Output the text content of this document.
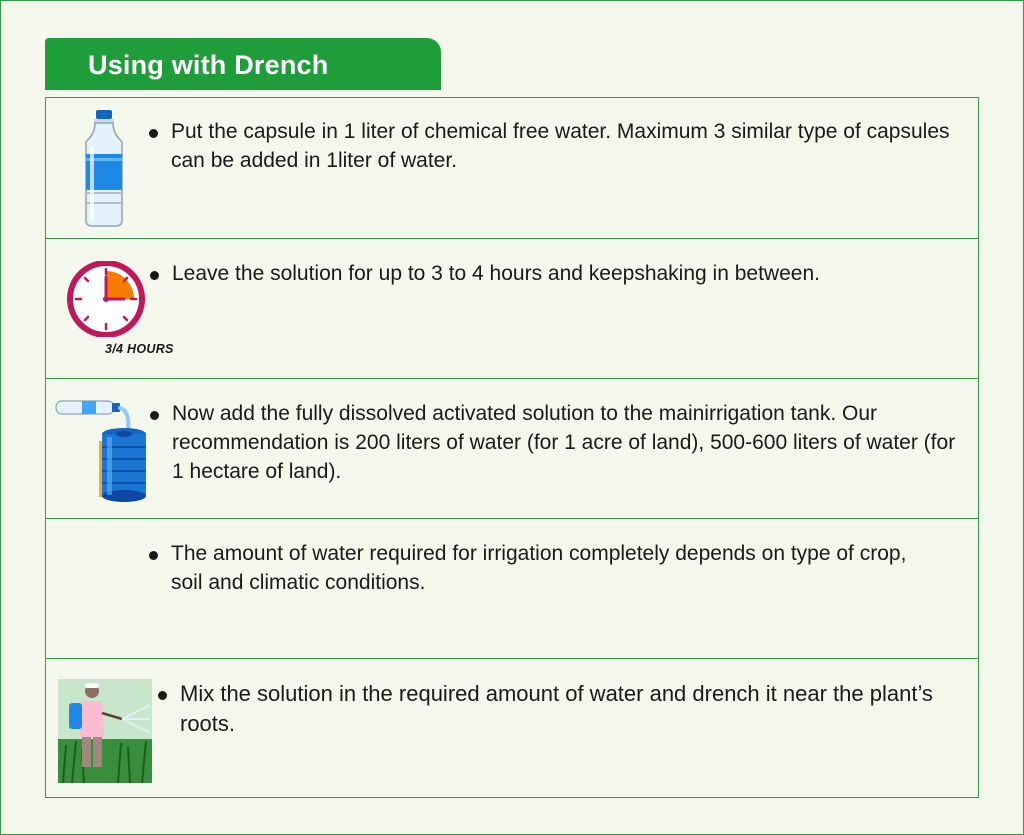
Using with Drench

Put the capsule in 1 liter of chemical free water. Maximum 3 similar type of capsules can be added in 1liter of water.

3/4 HOURS

Leave the solution for up to 3 to 4 hours and keepshaking in between.

Now add the fully dissolved activated solution to the mainirrigation tank. Our recommendation is 200 liters of water (for 1 acre of land), 500-600 liters of water (for 1 hectare of land).

The amount of water required for irrigation completely depends on type of crop, soil and climatic conditions.

Mix the solution in the required amount of water and drench it near the plant’s roots.
